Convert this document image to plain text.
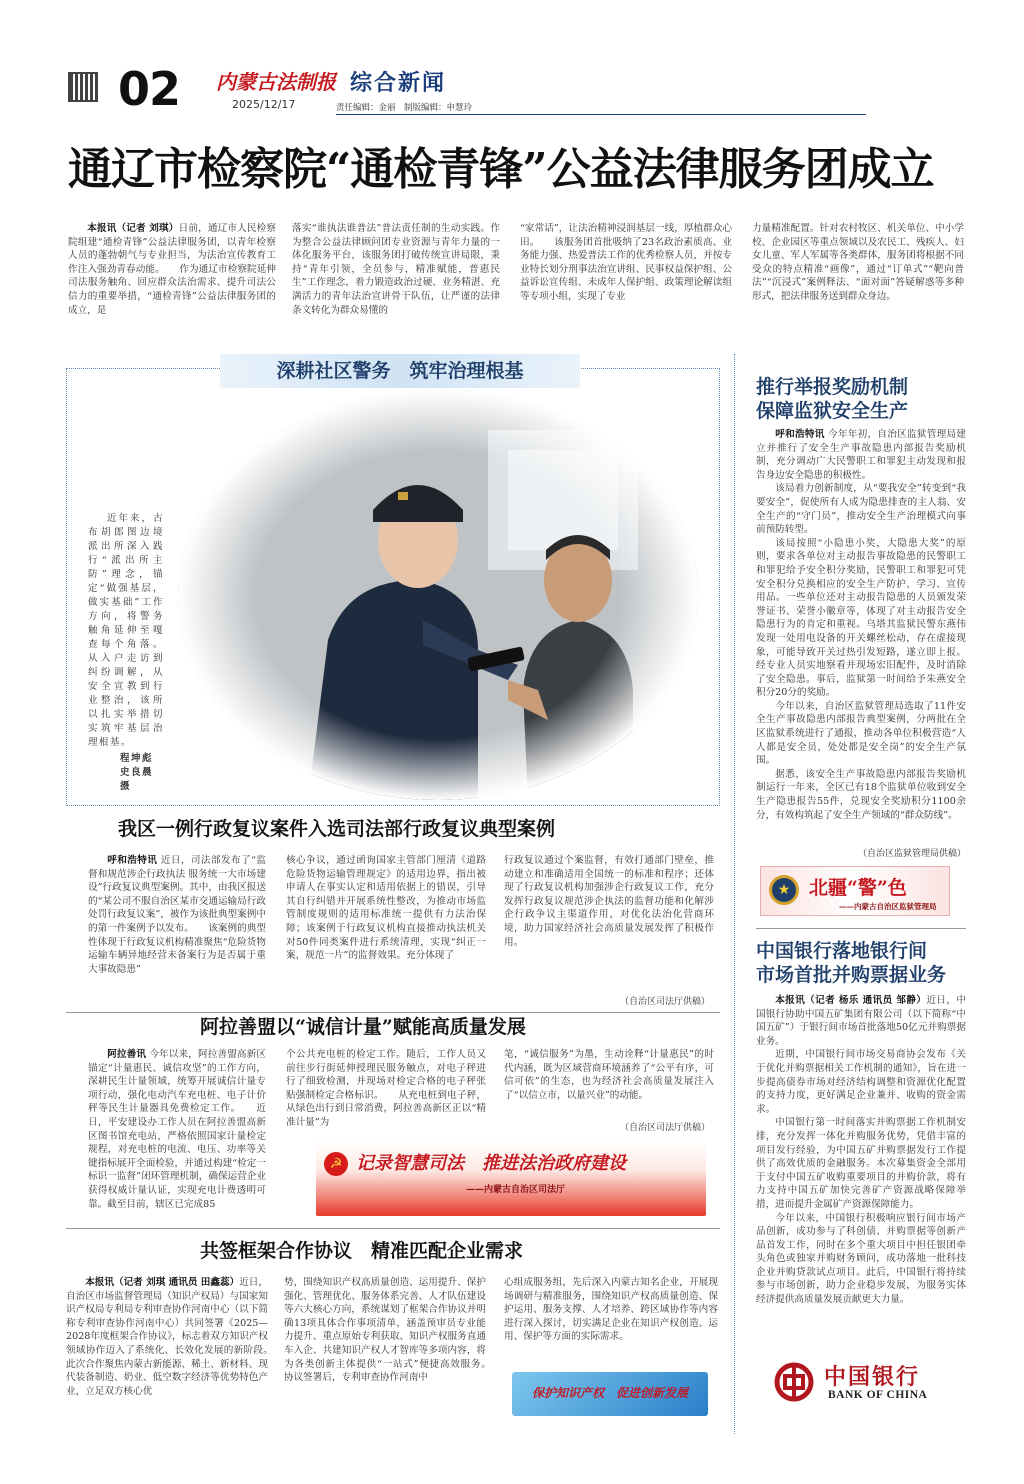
02 内蒙古法制报
2025/12/17
综合新闻
责任编辑：金丽　制版编辑：申慧玲
通辽市检察院“通检青锋”公益法律服务团成立

本报讯（记者 刘琪）日前，通辽市人民检察院组建“通检青锋”公益法律服务团，以青年检察人员的蓬勃朝气与专业担当，为法治宣传教育工作注入强劲青春动能。　　作为通辽市检察院延伸司法服务触角、回应群众法治需求、提升司法公信力的重要举措，“通检青锋”公益法律服务团的成立，是

落实“谁执法谁普法”普法责任制的生动实践。作为整合公益法律顾问团专业资源与青年力量的一体化服务平台，该服务团打破传统宣讲局限，秉持“青年引领，全员参与，精准赋能，普惠民生”工作理念，着力锻造政治过硬、业务精湛、充满活力的青年法治宣讲骨干队伍，让严谨的法律条文转化为群众易懂的

“家常话”，让法治精神浸润基层一线，厚植群众心田。　　该服务团首批吸纳了23名政治素质高、业务能力强、热爱普法工作的优秀检察人员，并按专业特长划分刑事法治宣讲组、民事权益保护组、公益诉讼宣传组、未成年人保护组、政策理论解读组等专项小组，实现了专业

力量精准配置。针对农村牧区、机关单位、中小学校、企业园区等重点领域以及农民工、残疾人、妇女儿童、军人军属等各类群体，服务团将根据不同受众的特点精准“画像”，通过“订单式”“靶向普法”“沉浸式”案例释法、“面对面”答疑解惑等多种形式，把法律服务送到群众身边。

深耕社区警务　筑牢治理根基
近年来，古布胡郎图边境派出所深入践行“派出所主防”理念，锚定“做强基层，做实基础”工作方向，将警务触角延伸至嘎查每个角落。从入户走访到纠纷调解，从安全宣教到行业整治，该所以扎实举措切实筑牢基层治理根基。
程坤彪
史良晨 摄
我区一例行政复议案件入选司法部行政复议典型案例

呼和浩特讯 近日，司法部发布了“监督和规范涉企行政执法 服务统一大市场建设”行政复议典型案例。其中，由我区报送的“某公司不服自治区某市交通运输局行政处罚行政复议案”，被作为该批典型案例中的第一件案例予以发布。　　该案例的典型性体现于行政复议机构精准聚焦“危险货物运输车辆异地经营未备案行为是否属于重大事故隐患”

核心争议，通过函询国家主管部门厘清《道路危险货物运输管理规定》的适用边界，指出被申请人在事实认定和适用依据上的错误，引导其自行纠错并开展系统性整改，为推动市场监管制度规则的适用标准统一提供有力法治保障；该案例于行政复议机构直接推动执法机关对50件同类案件进行系统清理，实现“纠正一案，规范一片”的监督效果。充分体现了

行政复议通过个案监督，有效打通部门壁垒，推动建立和准确适用全国统一的标准和程序；还体现了行政复议机构加强涉企行政复议工作，充分发挥行政复议规范涉企执法的监督功能和化解涉企行政争议主渠道作用，对优化法治化营商环境，助力国家经济社会高质量发展发挥了积极作用。

（自治区司法厅供稿）
阿拉善盟以“诚信计量”赋能高质量发展

阿拉善讯 今年以来，阿拉善盟高新区锚定“计量惠民、诚信攻坚”的工作方向，深耕民生计量领域，统筹开展诚信计量专项行动，强化电动汽车充电桩、电子计价秤等民生计量器具免费检定工作。　　近日，平安建设办工作人员在阿拉善盟高新区图书馆充电站，严格依照国家计量检定规程，对充电桩的电流、电压、功率等关键指标展开全面检验，并通过构建“检定一标识一监督”闭环管理机制，确保运营企业获得权威计量认证，实现充电计费透明可靠。截至目前，辖区已完成85

个公共充电桩的检定工作。随后，工作人员又前往步行街延伸授理民服务触点，对电子秤进行了细致检测，并现场对检定合格的电子秤张贴强制检定合格标识。　　从充电桩到电子秤，从绿色出行到日常消费，阿拉善高新区正以“精准计量”为

笔，“诚信服务”为墨，生动诠释“计量惠民”的时代内涵，既为区域营商环境涵养了“公平有序，可信可依”的生态，也为经济社会高质量发展注入了“以信立市，以量兴业”的动能。

（自治区司法厅供稿）
☭ 记录智慧司法　推进法治政府建设
——内蒙古自治区司法厅
共签框架合作协议　精准匹配企业需求

本报讯（记者 刘琪 通讯员 田鑫蕊）近日，自治区市场监督管理局（知识产权局）与国家知识产权局专利局专利审查协作河南中心（以下简称专利审查协作河南中心）共同签署《2025—2028年度框架合作协议》，标志着双方知识产权领域协作迈入了系统化、长效化发展的新阶段。　　此次合作聚焦内蒙古新能源、稀土、新材料、现代装备制造、奶业、低空数字经济等优势特色产业，立足双方核心优

势，围绕知识产权高质量创造、运用提升、保护强化、管理优化、服务体系完善、人才队伍建设等六大核心方向，系统谋划了框架合作协议并明确13项具体合作事项清单，涵盖预审员专业能力提升、重点原始专利获取、知识产权服务直通车入企、共建知识产权人才智库等多项内容，将为各类创新主体提供“一站式”便捷高效服务。　　协议签署后，专利审查协作河南中

心组成服务组，先后深入内蒙古知名企业，开展现场调研与精准服务，围绕知识产权高质量创造、保护运用、服务支撑、人才培养、跨区域协作等内容进行深入探讨，切实满足企业在知识产权创造、运用、保护等方面的实际需求。

保护知识产权　促进创新发展
推行举报奖励机制
保障监狱安全生产

呼和浩特讯 今年年初，自治区监狱管理局建立并推行了安全生产事故隐患内部报告奖励机制，充分调动广大民警职工和罪犯主动发现和报告身边安全隐患的积极性。

该局着力创新制度，从“要我安全”转变到“我要安全”，促使所有人成为隐患排查的主人翁、安全生产的“守门员”，推动安全生产治理模式向事前预防转型。

该局按照“小隐患小奖，大隐患大奖”的原则，要求各单位对主动报告事故隐患的民警职工和罪犯给予安全积分奖励，民警职工和罪犯可凭安全积分兑换相应的安全生产防护、学习、宣传用品。一些单位还对主动报告隐患的人员颁发荣誉证书、荣誉小徽章等，体现了对主动报告安全隐患行为的肯定和重视。乌塔其监狱民警东燕伟发现一处用电设备的开关螺丝松动，存在虚接现象，可能导致开关过热引发短路，遂立即上报。经专业人员实地察看并现场宏旧配件，及时消除了安全隐患。事后，监狱第一时间给予朱燕安全积分20分的奖励。

今年以来，自治区监狱管理局选取了11件安全生产事故隐患内部报告典型案例，分两批在全区监狱系统进行了通报，推动各单位积极营造“人人都是安全员，处处都是安全岗”的安全生产氛围。

据悉，该安全生产事故隐患内部报告奖励机制运行一年来，全区已有18个监狱单位收到安全生产隐患报告55件，兑现安全奖励积分1100余分，有效构筑起了安全生产领域的“群众防线”。

（自治区监狱管理局供稿）
★ 北疆“警”色
——内蒙古自治区监狱管理局
中国银行落地银行间
市场首批并购票据业务

本报讯（记者 杨乐 通讯员 邹静）近日，中国银行协助中国五矿集团有限公司（以下简称“中国五矿”）于银行间市场首批落地50亿元并购票据业务。

近期，中国银行间市场交易商协会发布《关于优化并购票据相关工作机制的通知》，旨在进一步提高债券市场对经济结构调整和资源优化配置的支持力度，更好满足企业兼并、收购的资金需求。

中国银行第一时间落实并购票据工作机制安排，充分发挥一体化并购服务优势，凭借丰富的项目发行经验，为中国五矿并购票据发行工作提供了高效优质的金融服务。本次募集资金全部用于支付中国五矿收购重要项目的并购价款，将有力支持中国五矿加快完善矿产资源战略保障举措，进而提升金属矿产资源保障能力。

今年以来，中国银行积极响应银行间市场产品创新，成功参与了科创债、并购票据等创新产品首发工作，同时在多个重大项目中担任银团牵头角色或独家并购财务顾问，成功落地一批科技企业并购贷款试点项目。此后，中国银行将持续参与市场创新，助力企业稳步发展，为服务实体经济提供高质量发展贡献更大力量。

中国银行
BANK OF CHINA
